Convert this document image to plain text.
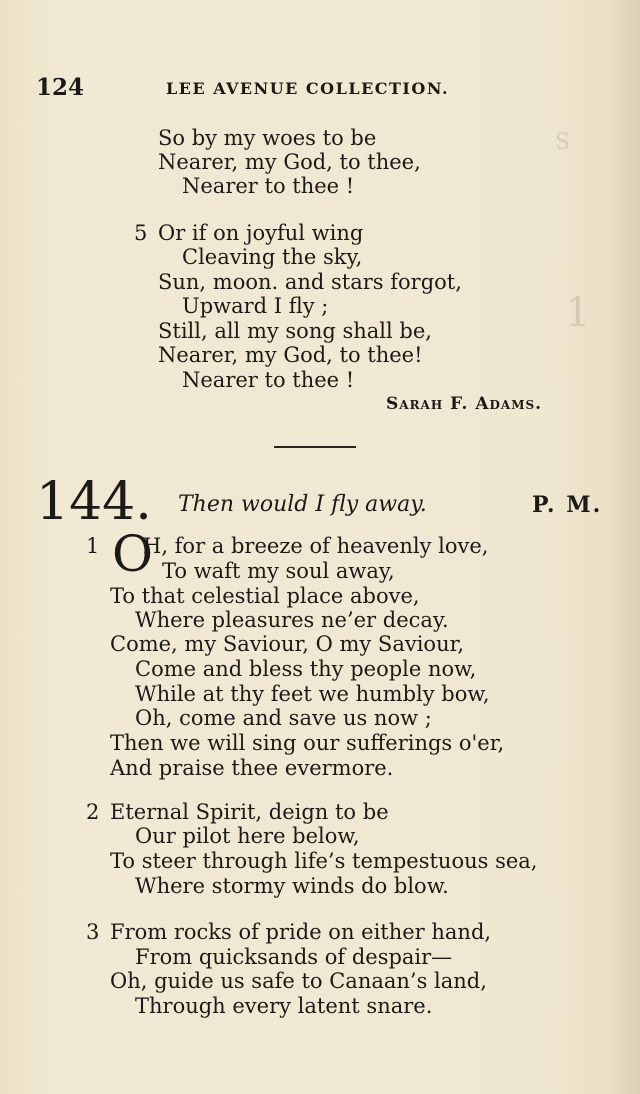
S
1
124	LEE AVENUE COLLECTION.
So by my woes to be
Nearer, my God, to thee,
Nearer to thee !
5 Or if on joyful wing
Cleaving the sky,
Sun, moon. and stars forgot,
Upward I fly ;
Still, all my song shall be,
Nearer, my God, to thee!
Nearer to thee !
Sarah F. Adams.
144. Then would I fly away.	P. M.
1 O
H, for a breeze of heavenly love,
To waft my soul away,
To that celestial place above,
Where pleasures ne’er decay.
Come, my Saviour, O my Saviour,
Come and bless thy people now,
While at thy feet we humbly bow,
Oh, come and save us now ;
Then we will sing our sufferings o'er,
And praise thee evermore.
2 Eternal Spirit, deign to be
Our pilot here below,
To steer through life’s tempestuous sea,
Where stormy winds do blow.
3 From rocks of pride on either hand,
From quicksands of despair—
Oh, guide us safe to Canaan’s land,
Through every latent snare.
